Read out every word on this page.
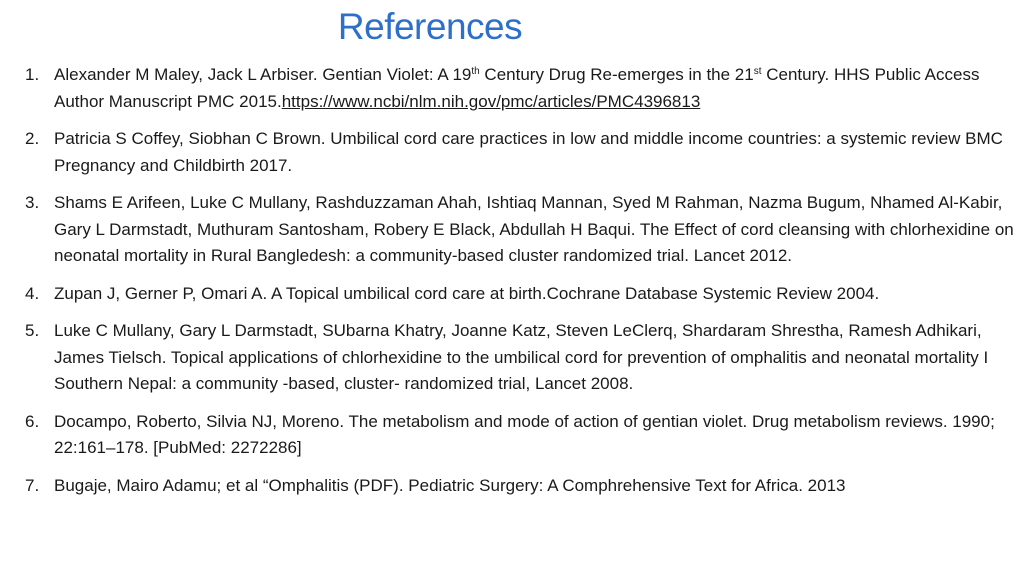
References
1. Alexander M Maley, Jack L Arbiser. Gentian Violet: A 19th Century Drug Re-emerges in the 21st Century. HHS Public Access Author Manuscript PMC 2015.https://www.ncbi/nlm.nih.gov/pmc/articles/PMC4396813
2. Patricia S Coffey, Siobhan C Brown. Umbilical cord care practices in low and middle income countries: a systemic review BMC Pregnancy and Childbirth 2017.
3. Shams E Arifeen, Luke C Mullany, Rashduzzaman Ahah, Ishtiaq Mannan, Syed M Rahman, Nazma Bugum, Nhamed Al-Kabir, Gary L Darmstadt, Muthuram Santosham, Robery E Black, Abdullah H Baqui. The Effect of cord cleansing with chlorhexidine on neonatal mortality in Rural Bangledesh: a community-based cluster randomized trial. Lancet 2012.
4. Zupan J, Gerner P, Omari A. A Topical umbilical cord care at birth.Cochrane Database Systemic Review 2004.
5. Luke C Mullany, Gary L Darmstadt, SUbarna Khatry, Joanne Katz, Steven LeClerq, Shardaram Shrestha, Ramesh Adhikari, James Tielsch. Topical applications of chlorhexidine to the umbilical cord for prevention of omphalitis and neonatal mortality I Southern Nepal: a community -based, cluster- randomized trial, Lancet 2008.
6. Docampo, Roberto, Silvia NJ, Moreno. The metabolism and mode of action of gentian violet. Drug metabolism reviews. 1990; 22:161–178. [PubMed: 2272286]
7. Bugaje, Mairo Adamu; et al “Omphalitis (PDF). Pediatric Surgery: A Comphrehensive Text for Africa. 2013
